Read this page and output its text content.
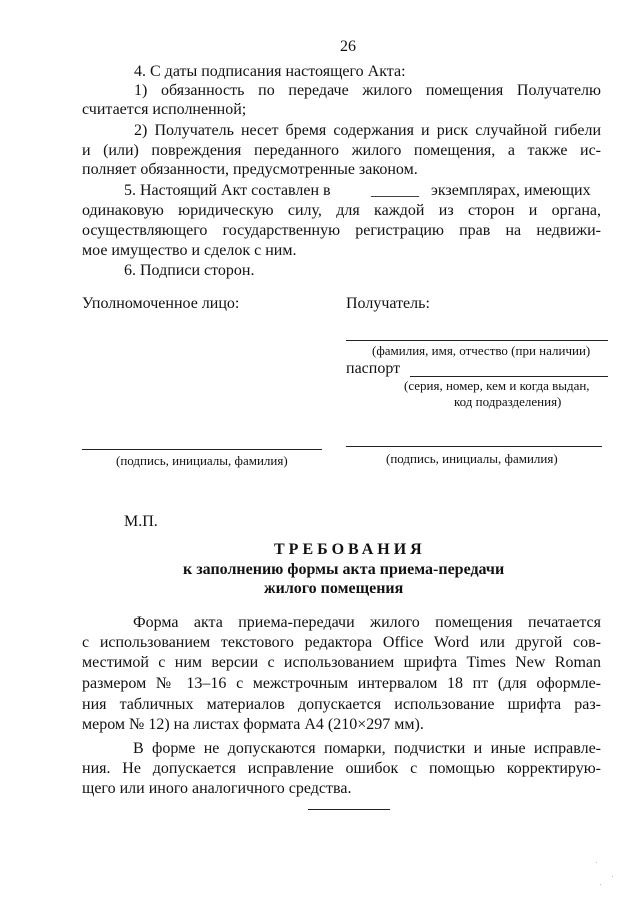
26
4. С даты подписания настоящего Акта:
1) обязанность по передаче жилого помещения Получателю
считается исполненной;
2) Получатель несет бремя содержания и риск случайной гибели
и (или) повреждения переданного жилого помещения, а также ис-
полняет обязанности, предусмотренные законом.
5. Настоящий Акт составлен в	______ экземплярах, имеющих
одинаковую юридическую силу, для каждой из сторон и органа,
осуществляющего государственную регистрацию прав на недвижи-
мое имущество и сделок с ним.
6. Подписи сторон.
Уполномоченное лицо:	Получатель:
(фамилия, имя, отчество (при наличии)
паспорт
(серия, номер, кем и когда выдан,
код подразделения)
(подпись, инициалы, фамилия)	(подпись, инициалы, фамилия)
М.П.
ТРЕБОВАНИЯ
к заполнению формы акта приема-передачи
жилого помещения
Форма акта приема-передачи жилого помещения печатается
с использованием текстового редактора Office Word или другой сов-
местимой с ним версии с использованием шрифта Times New Roman
размером № 13–16 с межстрочным интервалом 18 пт (для оформле-
ния табличных материалов допускается использование шрифта раз-
мером № 12) на листах формата А4 (210×297 мм).
В форме не допускаются помарки, подчистки и иные исправле-
ния. Не допускается исправление ошибок с помощью корректирую-
щего или иного аналогичного средства.
